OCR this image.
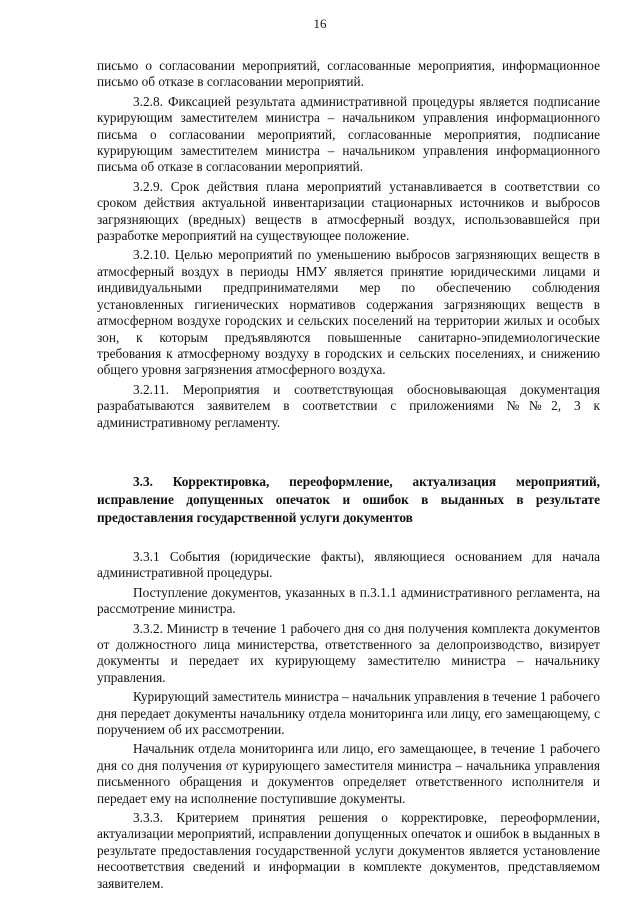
16

письмо о согласовании мероприятий, согласованные мероприятия, информационное письмо об отказе в согласовании мероприятий.

3.2.8. Фиксацией результата административной процедуры является подписание курирующим заместителем министра – начальником управления информационного письма о согласовании мероприятий, согласованные мероприятия, подписание курирующим заместителем министра – начальником управления информационного письма об отказе в согласовании мероприятий.

3.2.9. Срок действия плана мероприятий устанавливается в соответствии со сроком действия актуальной инвентаризации стационарных источников и выбросов загрязняющих (вредных) веществ в атмосферный воздух, использовавшейся при разработке мероприятий на существующее положение.

3.2.10. Целью мероприятий по уменьшению выбросов загрязняющих веществ в атмосферный воздух в периоды НМУ является принятие юридическими лицами и индивидуальными предпринимателями мер по обеспечению соблюдения установленных гигиенических нормативов содержания загрязняющих веществ в атмосферном воздухе городских и сельских поселений на территории жилых и особых зон, к которым предъявляются повышенные санитарно-эпидемиологические требования к атмосферному воздуху в городских и сельских поселениях, и снижению общего уровня загрязнения атмосферного воздуха.

3.2.11. Мероприятия и соответствующая обосновывающая документация разрабатываются заявителем в соответствии с приложениями №№2, 3 к административному регламенту.

3.3. Корректировка, переоформление, актуализация мероприятий, исправление допущенных опечаток и ошибок в выданных в результате предоставления государственной услуги документов

3.3.1 События (юридические факты), являющиеся основанием для начала административной процедуры.

Поступление документов, указанных в п.3.1.1 административного регламента, на рассмотрение министра.

3.3.2. Министр в течение 1 рабочего дня со дня получения комплекта документов от должностного лица министерства, ответственного за делопроизводство, визирует документы и передает их курирующему заместителю министра – начальнику управления.

Курирующий заместитель министра – начальник управления в течение 1 рабочего дня передает документы начальнику отдела мониторинга или лицу, его замещающему, с поручением об их рассмотрении.

Начальник отдела мониторинга или лицо, его замещающее, в течение 1 рабочего дня со дня получения от курирующего заместителя министра – начальника управления письменного обращения и документов определяет ответственного исполнителя и передает ему на исполнение поступившие документы.

3.3.3. Критерием принятия решения о корректировке, переоформлении, актуализации мероприятий, исправлении допущенных опечаток и ошибок в выданных в результате предоставления государственной услуги документов является установление несоответствия сведений и информации в комплекте документов, представляемом заявителем.
